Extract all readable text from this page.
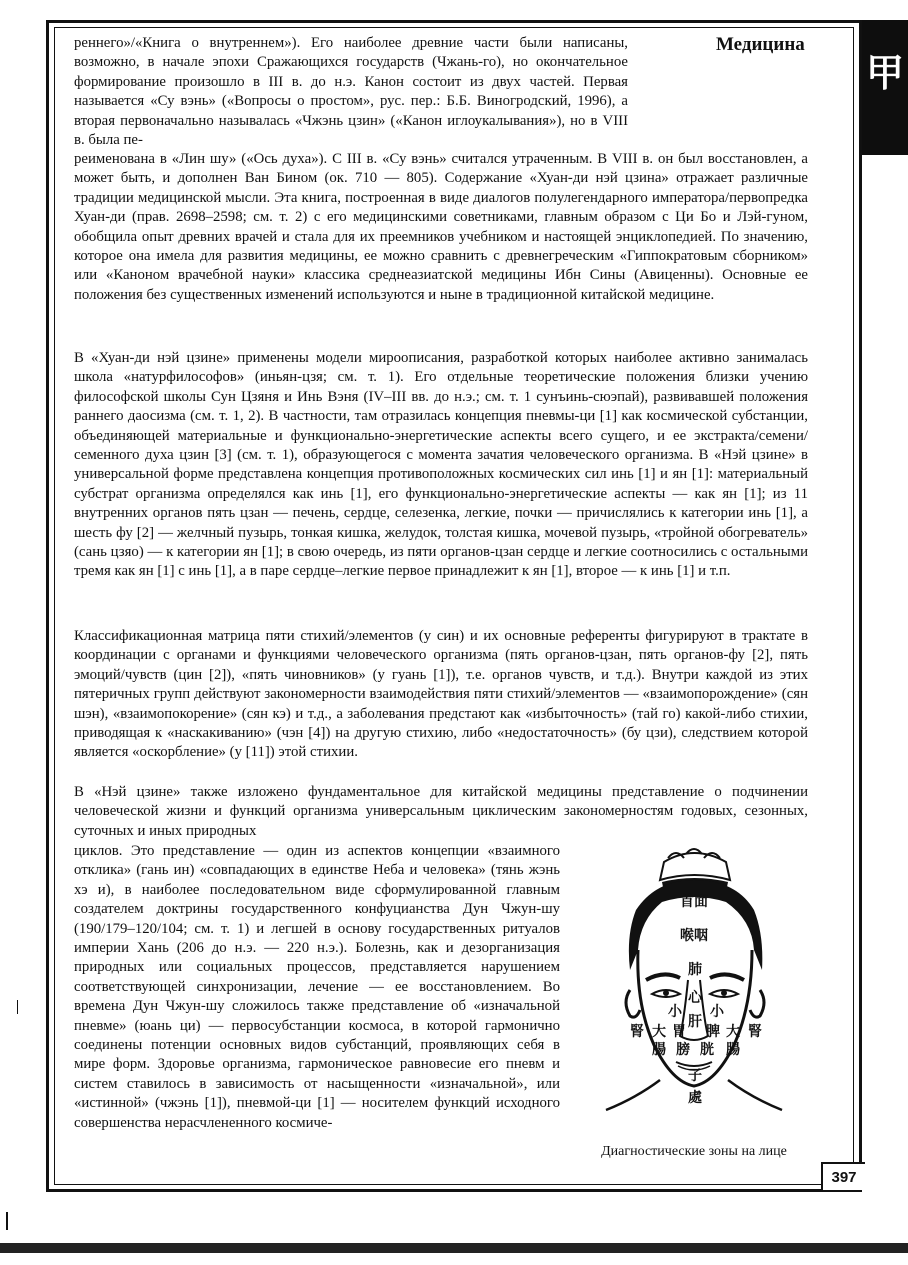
甲
Медицина

реннего»/«Книга о внутреннем»). Его наиболее древние части были написаны, возможно, в начале эпохи Сражающихся государств (Чжань-го), но окончательное формирование произошло в III в. до н.э. Канон состоит из двух частей. Первая называется «Су вэнь» («Вопросы о простом», рус. пер.: Б.Б. Виногродский, 1996), а вторая первоначально называлась «Чжэнь цзин» («Канон иглоукалывания»), но в VIII в. была пе-

реименована в «Лин шу» («Ось духа»). С III в. «Су вэнь» считался утраченным. В VIII в. он был восстановлен, а может быть, и дополнен Ван Бином (ок. 710 — 805). Содержание «Хуан-ди нэй цзина» отражает различные традиции медицинской мысли. Эта книга, построенная в виде диалогов полулегендарного императора/первопредка Хуан-ди (прав. 2698–2598; см. т. 2) с его медицинскими советниками, главным образом с Ци Бо и Лэй-гуном, обобщила опыт древних врачей и стала для их преемников учебником и настоящей энциклопедией. По значению, которое она имела для развития медицины, ее можно сравнить с древнегреческим «Гиппократовым сборником» или «Каноном врачебной науки» классика среднеазиатской медицины Ибн Сины (Авиценны). Основные ее положения без существенных изменений используются и ныне в традиционной китайской медицине.

В «Хуан-ди нэй цзине» применены модели мироописания, разработкой которых наиболее активно занималась школа «натурфилософов» (иньян-цзя; см. т. 1). Его отдельные теоретические положения близки учению философской школы Сун Цзяня и Инь Вэня (IV–III вв. до н.э.; см. т. 1 сунъинь-сюэпай), развивавшей положения раннего даосизма (см. т. 1, 2). В частности, там отразилась концепция пневмы-ци [1] как космической субстанции, объединяющей материальные и функционально-энергетические аспекты всего сущего, и ее экстракта/семени/семенного духа цзин [3] (см. т. 1), образующегося с момента зачатия человеческого организма. В «Нэй цзине» в универсальной форме представлена концепция противоположных космических сил инь [1] и ян [1]: материальный субстрат организма определялся как инь [1], его функционально-энергетические аспекты — как ян [1]; из 11 внутренних органов пять цзан — печень, сердце, селезенка, легкие, почки — причислялись к категории инь [1], а шесть фу [2] — желчный пузырь, тонкая кишка, желудок, толстая кишка, мочевой пузырь, «тройной обогреватель» (сань цзяо) — к категории ян [1]; в свою очередь, из пяти органов-цзан сердце и легкие соотносились с остальными тремя как ян [1] с инь [1], а в паре сердце–легкие первое принадлежит к ян [1], второе — к инь [1] и т.п.

Классификационная матрица пяти стихий/элементов (у син) и их основные референты фигурируют в трактате в координации с органами и функциями человеческого организма (пять органов-цзан, пять органов-фу [2], пять эмоций/чувств (цин [2]), «пять чиновников» (у гуань [1]), т.е. органов чувств, и т.д.). Внутри каждой из этих пятеричных групп действуют закономерности взаимодействия пяти стихий/элементов — «взаимопорождение» (сян шэн), «взаимопокорение» (сян кэ) и т.д., а заболевания предстают как «избыточность» (тай го) какой-либо стихии, приводящая к «наскакиванию» (чэн [4]) на другую стихию, либо «недостаточность» (бу цзи), следствием которой является «оскорбление» (у [11]) этой стихии.

В «Нэй цзине» также изложено фундаментальное для китайской медицины представление о подчинении человеческой жизни и функций организма универсальным циклическим закономерностям годовых, сезонных, суточных и иных природных

циклов. Это представление — один из аспектов концепции «взаимного отклика» (гань ин) «совпадающих в единстве Неба и человека» (тянь жэнь хэ и), в наиболее последовательном виде сформулированной главным создателем доктрины государственного конфуцианства Дун Чжун-шу (190/179–120/104; см. т. 1) и легшей в основу государственных ритуалов империи Хань (206 до н.э. — 220 н.э.). Болезнь, как и дезорганизация природных или социальных процессов, представляется нарушением соответствующей синхронизации, лечение — ее восстановлением. Во времена Дун Чжун-шу сложилось также представление об «изначальной пневме» (юань ци) — первосубстанции космоса, в которой гармонично соединены потенции основных видов субстанций, проявляющих себя в мире форм. Здоровье организма, гармоническое равновесие его пневм и систем ставилось в зависимость от насыщенности «изначальной», или «истинной» (чжэнь [1]), пневмой-ци [1] — носителем функций исходного совершенства нерасчлененного космиче-

首面
喉咽
肺
心
肝
小 小
大	大
腸	腸
腎	腎
膀 胱
子
處
胃 脾
Диагностические зоны на лице
397
